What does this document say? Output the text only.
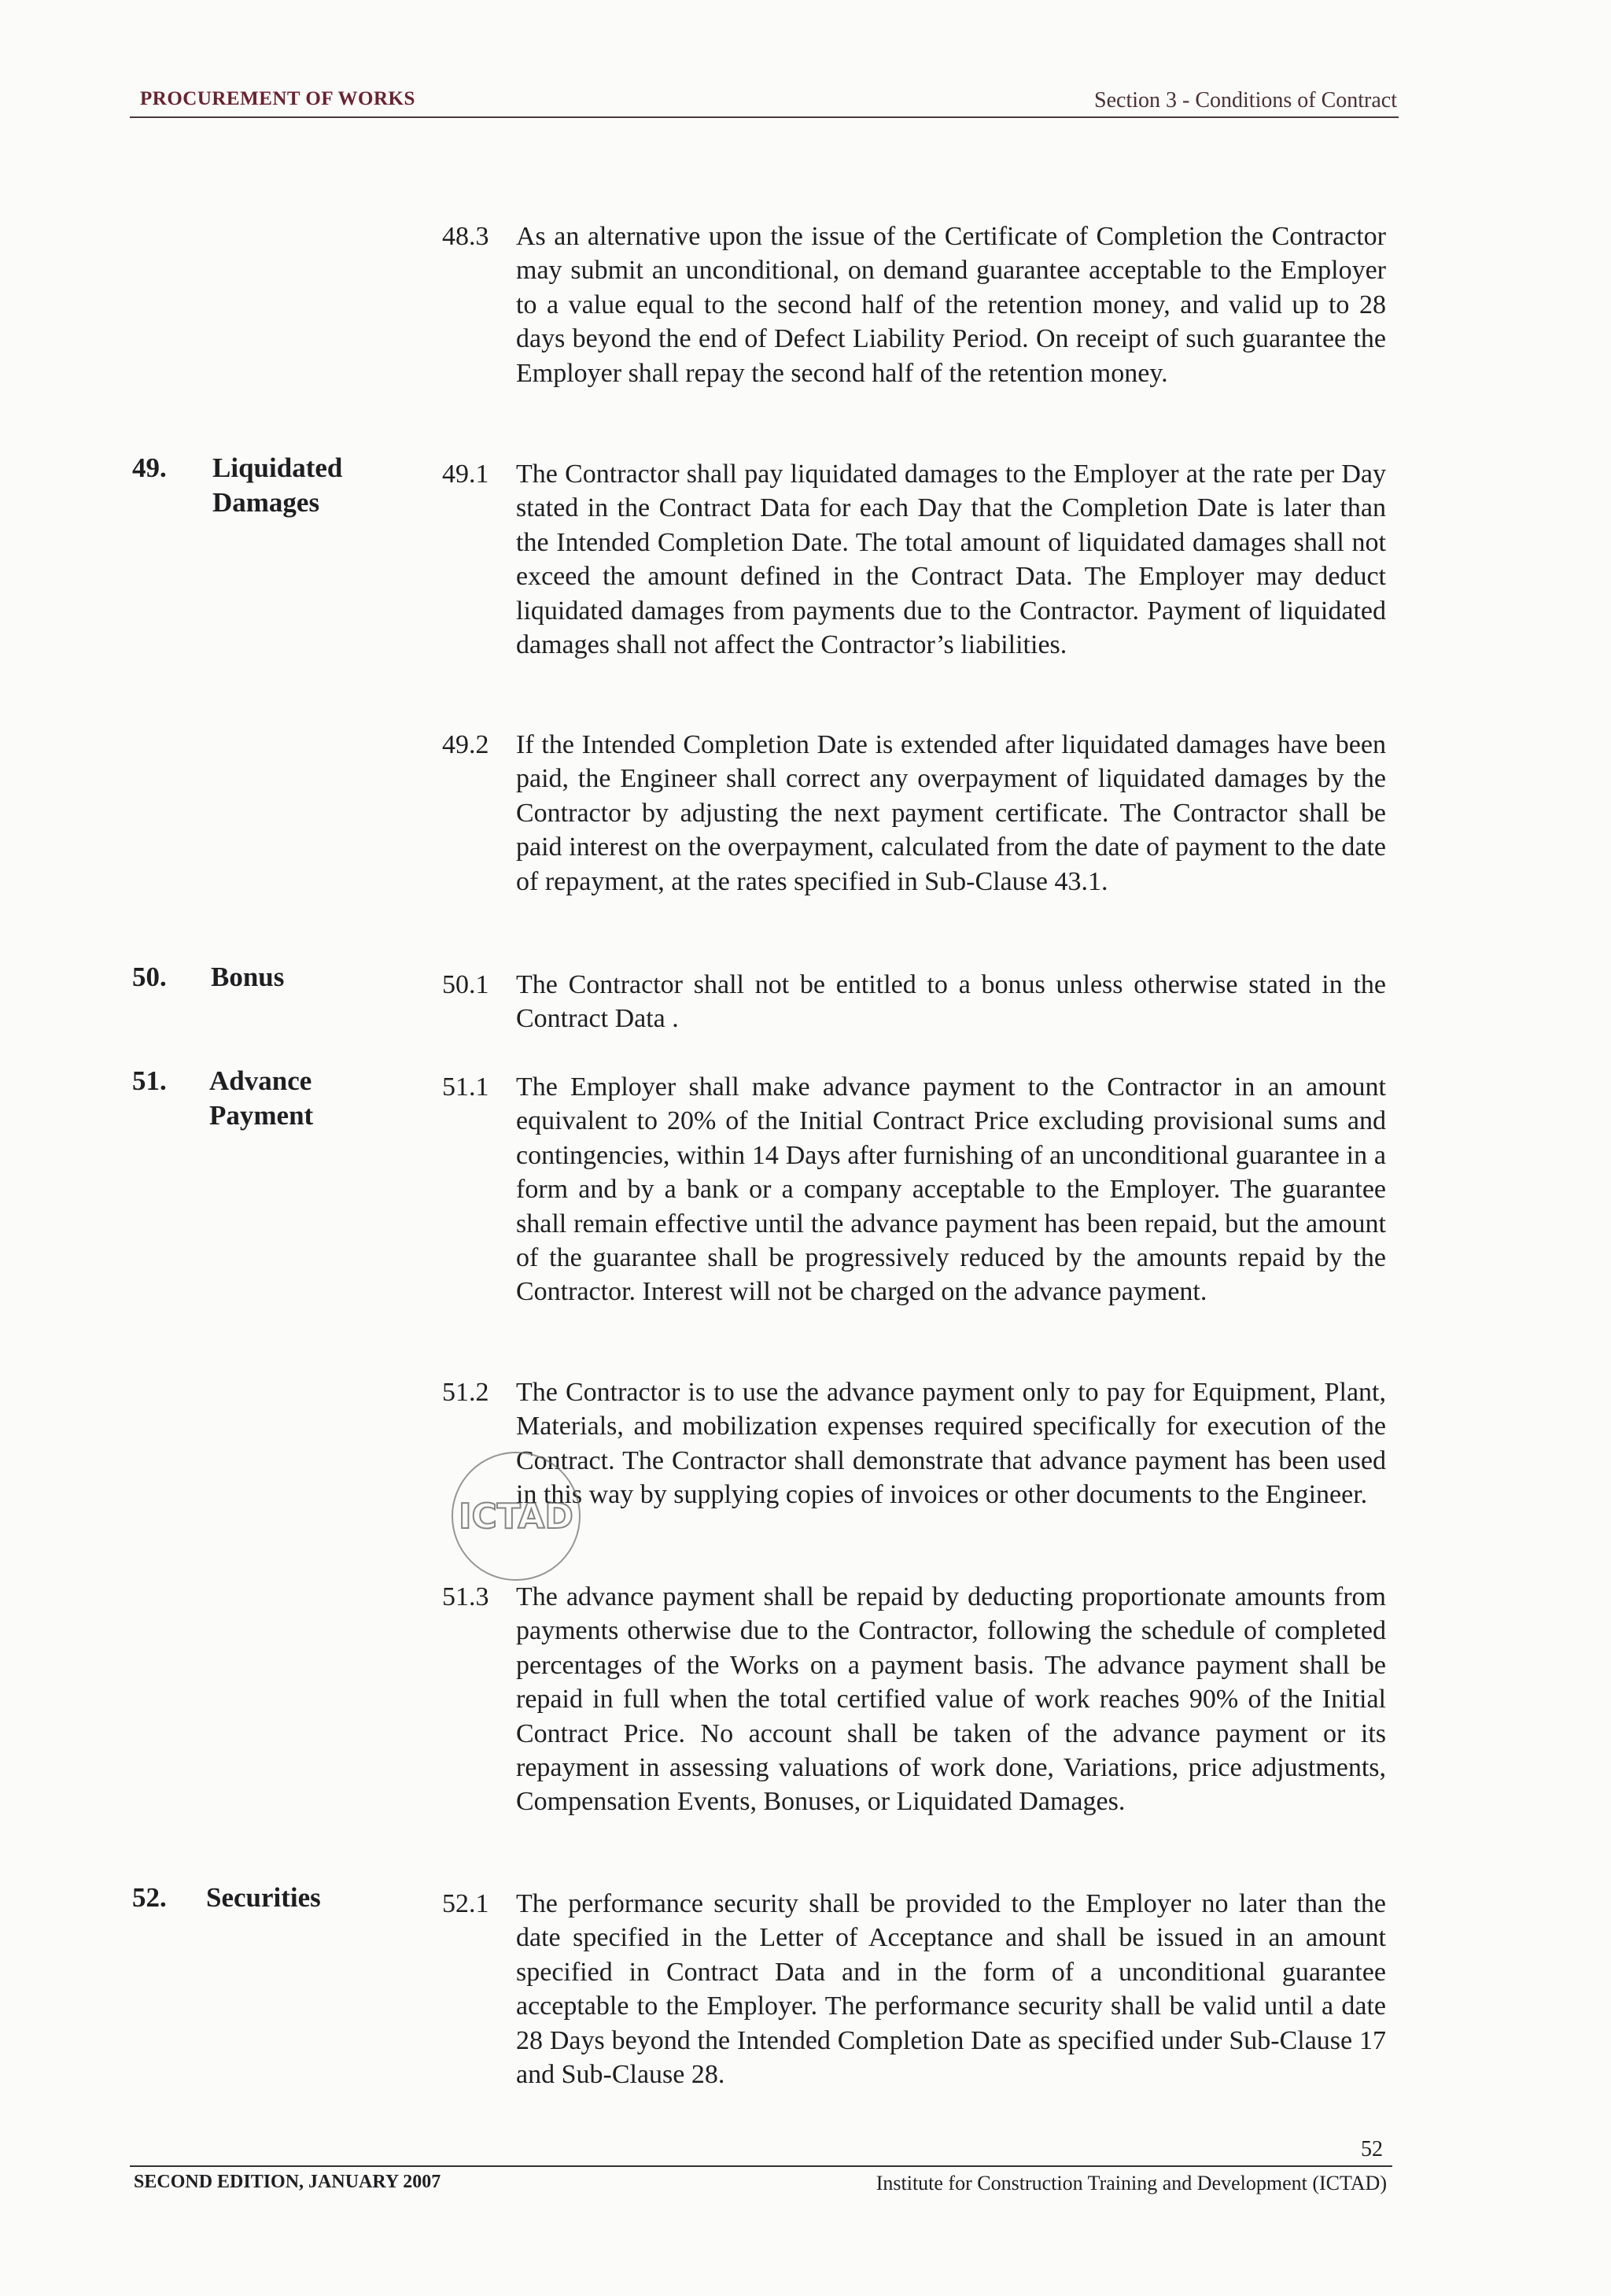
PROCUREMENT OF WORKS	Section 3 - Conditions of Contract
49. Liquidated Damages
50. Bonus
51. Advance Payment
52. Securities
48.3 As an alternative upon the issue of the Certificate of Completion the Contractor may submit an unconditional, on demand guarantee acceptable to the Employer to a value equal to the second half of the retention money, and valid up to 28 days beyond the end of Defect Liability Period. On receipt of such guarantee the Employer shall repay the second half of the retention money.
49.1 The Contractor shall pay liquidated damages to the Employer at the rate per Day stated in the Contract Data for each Day that the Completion Date is later than the Intended Completion Date. The total amount of liquidated damages shall not exceed the amount defined in the Contract Data. The Employer may deduct liquidated damages from payments due to the Contractor. Payment of liquidated damages shall not affect the Contractor’s liabilities.
49.2 If the Intended Completion Date is extended after liquidated damages have been paid, the Engineer shall correct any overpayment of liquidated damages by the Contractor by adjusting the next payment certificate. The Contractor shall be paid interest on the overpayment, calculated from the date of payment to the date of repayment, at the rates specified in Sub-Clause 43.1.
50.1 The Contractor shall not be entitled to a bonus unless otherwise stated in the Contract Data .
51.1 The Employer shall make advance payment to the Contractor in an amount equivalent to 20% of the Initial Contract Price excluding provisional sums and contingencies, within 14 Days after furnishing of an unconditional guarantee in a form and by a bank or a company acceptable to the Employer. The guarantee shall remain effective until the advance payment has been repaid, but the amount of the guarantee shall be progressively reduced by the amounts repaid by the Contractor. Interest will not be charged on the advance payment.
51.2 The Contractor is to use the advance payment only to pay for Equipment, Plant, Materials, and mobilization expenses required specifically for execution of the Contract. The Contractor shall demonstrate that advance payment has been used in this way by supplying copies of invoices or other documents to the Engineer.
51.3 The advance payment shall be repaid by deducting proportionate amounts from payments otherwise due to the Contractor, following the schedule of completed percentages of the Works on a payment basis. The advance payment shall be repaid in full when the total certified value of work reaches 90% of the Initial Contract Price. No account shall be taken of the advance payment or its repayment in assessing valuations of work done, Variations, price adjustments, Compensation Events, Bonuses, or Liquidated Damages.
52.1 The performance security shall be provided to the Employer no later than the date specified in the Letter of Acceptance and shall be issued in an amount specified in Contract Data and in the form of a unconditional guarantee acceptable to the Employer. The performance security shall be valid until a date 28 Days beyond the Intended Completion Date as specified under Sub-Clause 17 and Sub-Clause 28.
ICTAD
52
SECOND EDITION, JANUARY 2007	Institute for Construction Training and Development (ICTAD)
